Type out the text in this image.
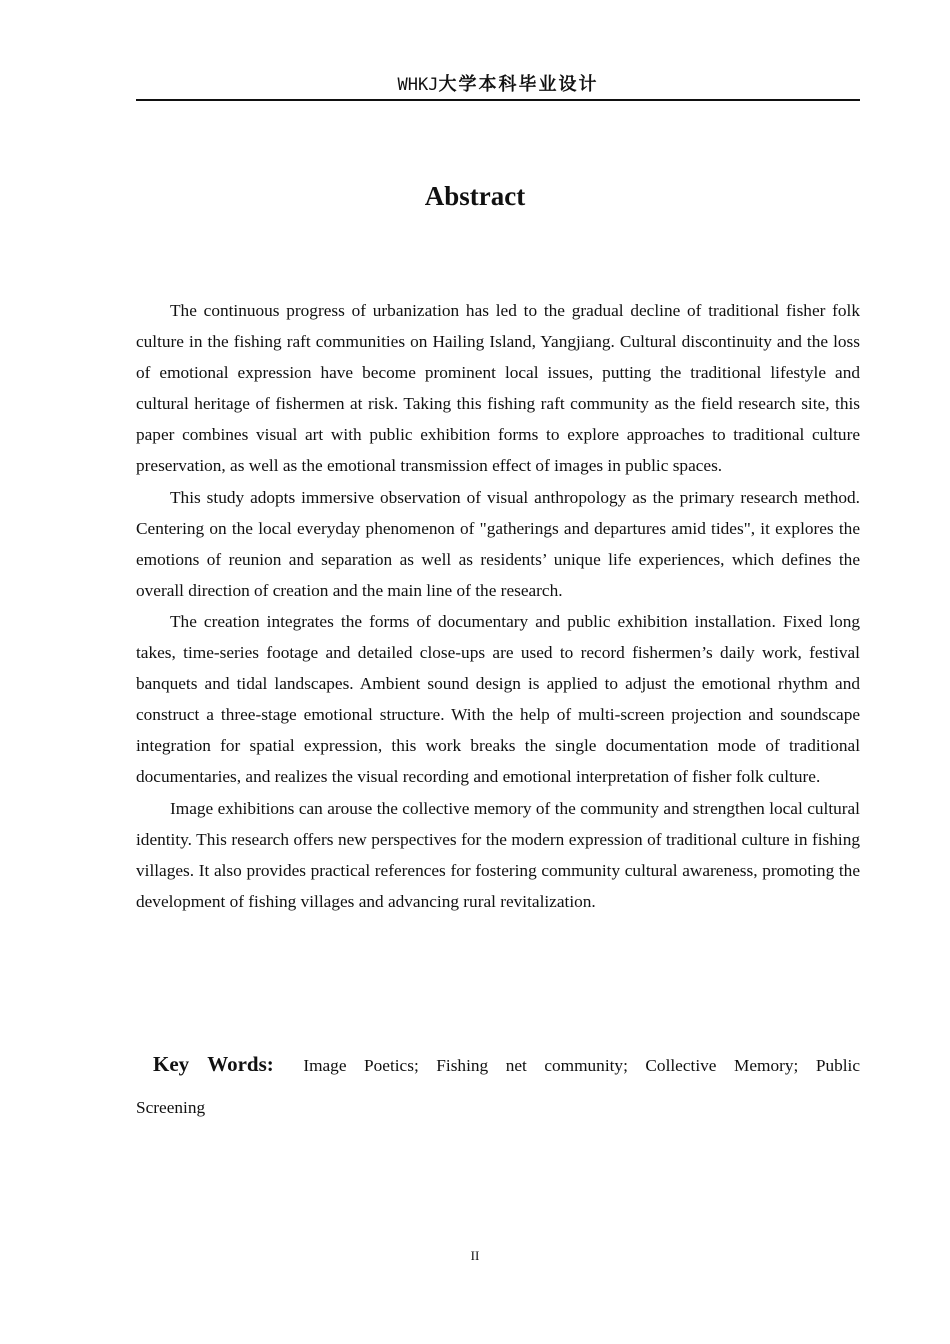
WHKJ大学本科毕业设计
Abstract

The continuous progress of urbanization has led to the gradual decline of traditional fisher folk culture in the fishing raft communities on Hailing Island, Yangjiang. Cultural discontinuity and the loss of emotional expression have become prominent local issues, putting the traditional lifestyle and cultural heritage of fishermen at risk. Taking this fishing raft community as the field research site, this paper combines visual art with public exhibition forms to explore approaches to traditional culture preservation, as well as the emotional transmission effect of images in public spaces.

This study adopts immersive observation of visual anthropology as the primary research method. Centering on the local everyday phenomenon of "gatherings and departures amid tides", it explores the emotions of reunion and separation as well as residents’ unique life experiences, which defines the overall direction of creation and the main line of the research.

The creation integrates the forms of documentary and public exhibition installation. Fixed long takes, time-series footage and detailed close-ups are used to record fishermen’s daily work, festival banquets and tidal landscapes. Ambient sound design is applied to adjust the emotional rhythm and construct a three-stage emotional structure. With the help of multi-screen projection and soundscape integration for spatial expression, this work breaks the single documentation mode of traditional documentaries, and realizes the visual recording and emotional interpretation of fisher folk culture.

Image exhibitions can arouse the collective memory of the community and strengthen local cultural identity. This research offers new perspectives for the modern expression of traditional culture in fishing villages. It also provides practical references for fostering community cultural awareness, promoting the development of fishing villages and advancing rural revitalization.

Key Words: Image Poetics; Fishing net community; Collective Memory; Public Screening
II
